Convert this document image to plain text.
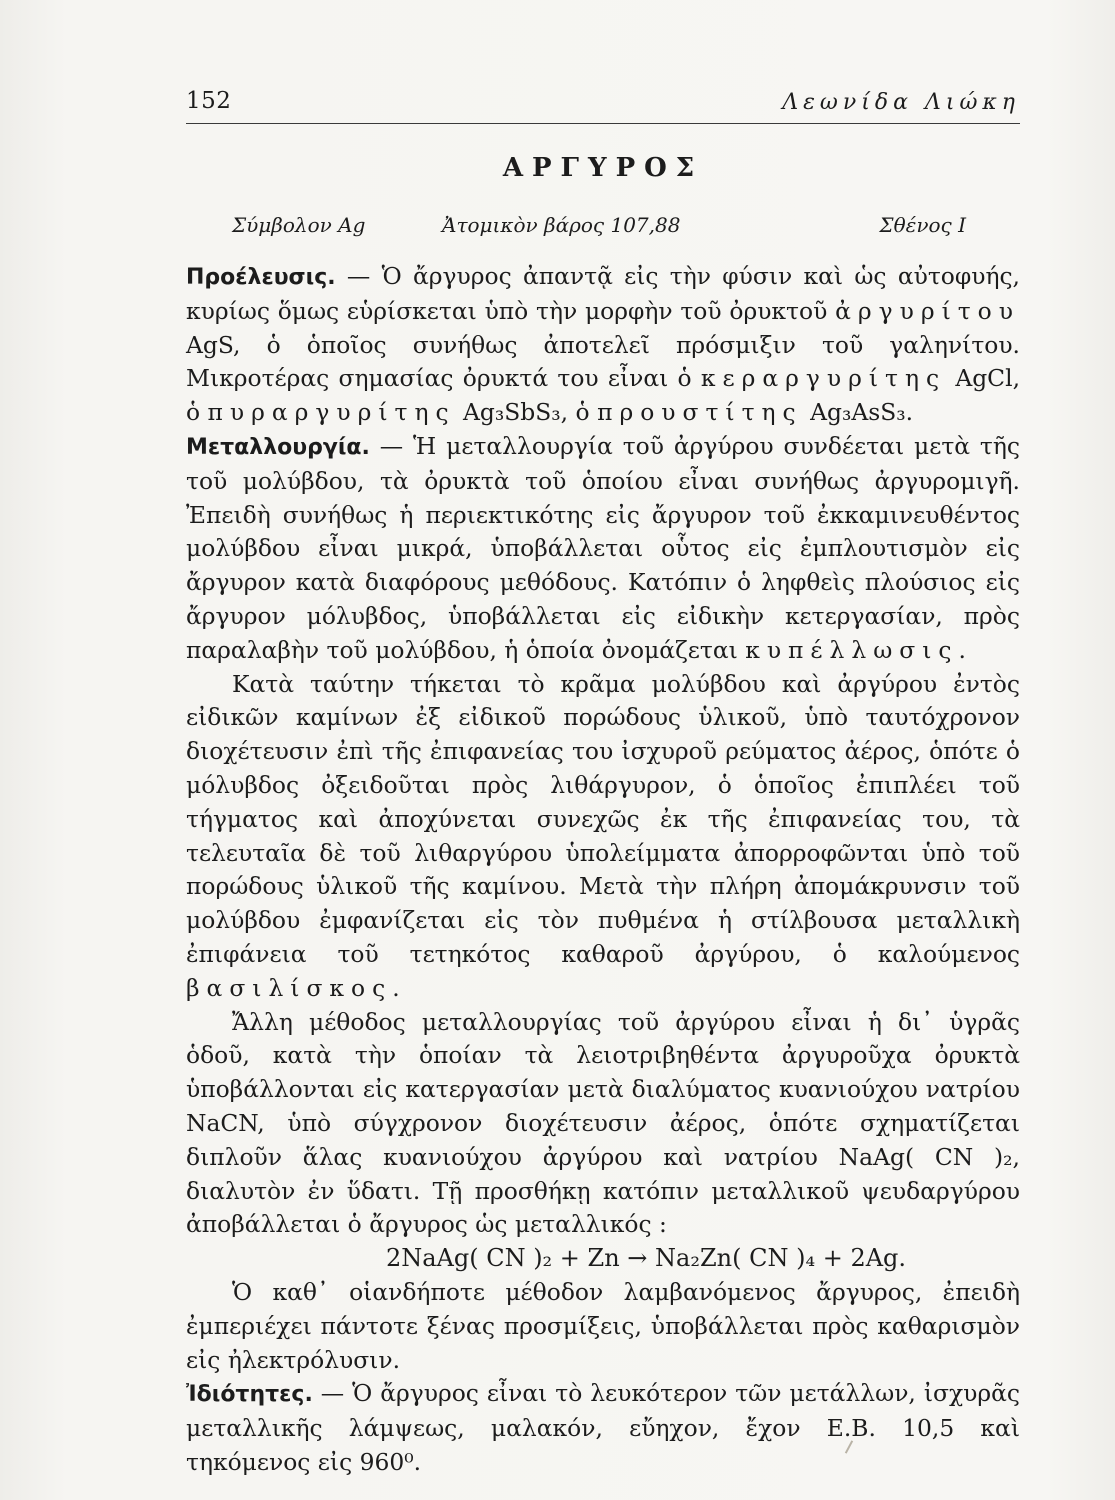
152	Λεωνίδα Λιώκη
ΑΡΓΥΡΟΣ
Σύμβολον Ag	Ἀτομικὸν βάρος 107,88	Σθένος I

Προέλευσις. — Ὁ ἄργυρος ἀπαντᾷ εἰς τὴν φύσιν καὶ ὡς αὐτοφυής, κυρίως ὅμως εὑρίσκεται ὑπὸ τὴν μορφὴν τοῦ ὀρυκτοῦ ἀργυρίτου AgS, ὁ ὁποῖος συνήθως ἀποτελεῖ πρόσμιξιν τοῦ γαληνίτου. Μικροτέρας σημασίας ὀρυκτά του εἶναι ὁ κεραργυρίτης AgCl, ὁ πυραργυρίτης Ag₃SbS₃, ὁ προυστίτης Ag₃AsS₃.

Μεταλλουργία. — Ἡ μεταλλουργία τοῦ ἀργύρου συνδέεται μετὰ τῆς τοῦ μολύβδου, τὰ ὀρυκτὰ τοῦ ὁποίου εἶναι συνήθως ἀργυρομιγῆ. Ἐπειδὴ συνήθως ἡ περιεκτικότης εἰς ἄργυρον τοῦ ἐκκαμινευθέντος μολύβδου εἶναι μικρά, ὑποβάλλεται οὗτος εἰς ἐμπλουτισμὸν εἰς ἄργυρον κατὰ διαφόρους μεθόδους. Κατόπιν ὁ ληφθεὶς πλούσιος εἰς ἄργυρον μόλυβδος, ὑποβάλλεται εἰς εἰδικὴν κετεργασίαν, πρὸς παραλαβὴν τοῦ μολύβδου, ἡ ὁποία ὀνομάζεται κυπέλλωσις.

Κατὰ ταύτην τήκεται τὸ κρᾶμα μολύβδου καὶ ἀργύρου ἐντὸς εἰδικῶν καμίνων ἐξ εἰδικοῦ πορώδους ὑλικοῦ, ὑπὸ ταυτόχρονον διοχέτευσιν ἐπὶ τῆς ἐπιφανείας του ἰσχυροῦ ρεύματος ἀέρος, ὁπότε ὁ μόλυβδος ὀξειδοῦται πρὸς λιθάργυρον, ὁ ὁποῖος ἐπιπλέει τοῦ τήγματος καὶ ἀποχύνεται συνεχῶς ἐκ τῆς ἐπιφανείας του, τὰ τελευταῖα δὲ τοῦ λιθαργύρου ὑπολείμματα ἀπορροφῶνται ὑπὸ τοῦ πορώδους ὑλικοῦ τῆς καμίνου. Μετὰ τὴν πλήρη ἀπομάκρυνσιν τοῦ μολύβδου ἐμφανίζεται εἰς τὸν πυθμένα ἡ στίλβουσα μεταλλικὴ ἐπιφάνεια τοῦ τετηκότος καθαροῦ ἀργύρου, ὁ καλούμενος βασιλίσκος.

Ἄλλη μέθοδος μεταλλουργίας τοῦ ἀργύρου εἶναι ἡ δι᾿ ὑγρᾶς ὁδοῦ, κατὰ τὴν ὁποίαν τὰ λειοτριβηθέντα ἀργυροῦχα ὀρυκτὰ ὑποβάλλονται εἰς κατεργασίαν μετὰ διαλύματος κυανιούχου νατρίου NaCN, ὑπὸ σύγχρονον διοχέτευσιν ἀέρος, ὁπότε σχηματίζεται διπλοῦν ἅλας κυανιούχου ἀργύρου καὶ νατρίου NaAg( CN )₂, διαλυτὸν ἐν ὕδατι. Τῇ προσθήκῃ κατόπιν μεταλλικοῦ ψευδαργύρου ἀποβάλλεται ὁ ἄργυρος ὡς μεταλλικός :
2NaAg( CN )₂ + Zn → Na₂Zn( CN )₄ + 2Ag.

Ὁ καθ᾿ οἱανδήποτε μέθοδον λαμβανόμενος ἄργυρος, ἐπειδὴ ἐμπεριέχει πάντοτε ξένας προσμίξεις, ὑποβάλλεται πρὸς καθαρισμὸν εἰς ἠλεκτρόλυσιν.

Ἰδιότητες. — Ὁ ἄργυρος εἶναι τὸ λευκότερον τῶν μετάλλων, ἰσχυρᾶς μεταλλικῆς λάμψεως, μαλακόν, εὔηχον, ἔχον Ε.Β. 10,5 καὶ τηκόμενος εἰς 960⁰.
